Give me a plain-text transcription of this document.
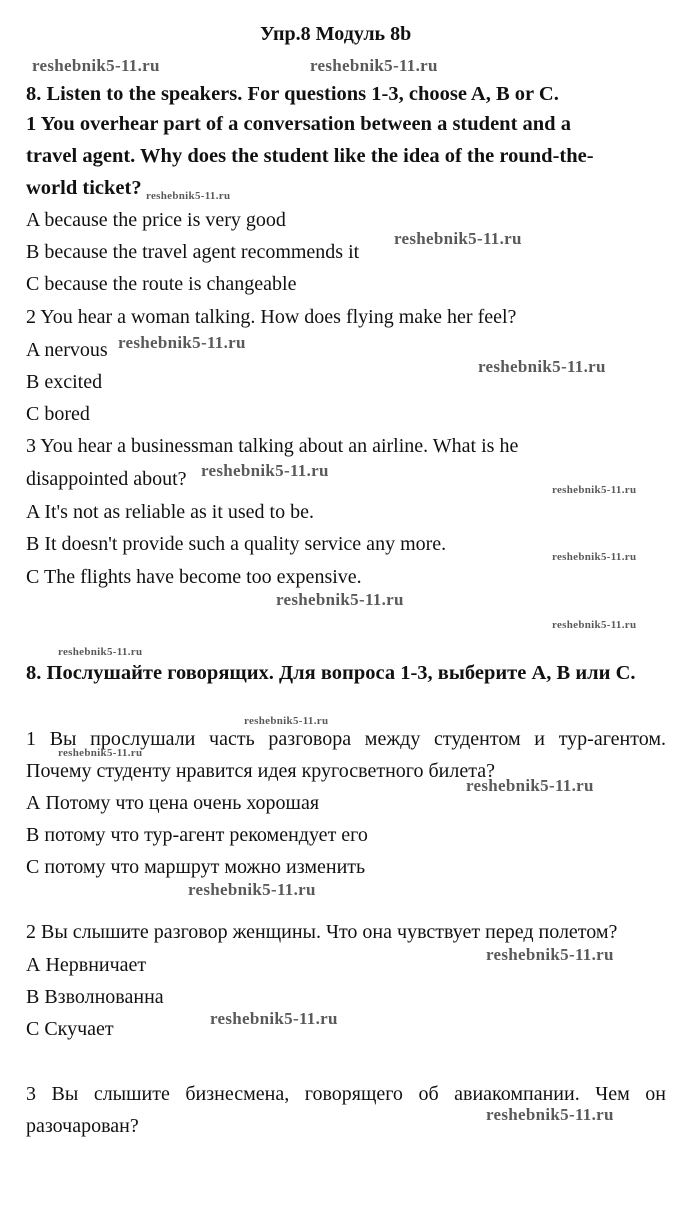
Упр.8 Модуль 8b
8. Listen to the speakers. For questions 1-3, choose A, B or C.
1 You overhear part of a conversation between a student and a
travel agent. Why does the student like the idea of the round-the-
world ticket?
A because the price is very good
B because the travel agent recommends it
C because the route is changeable
2 You hear a woman talking. How does flying make her feel?
A nervous
B excited
C bored
3 You hear a businessman talking about an airline. What is he
disappointed about?
A It's not as reliable as it used to be.
B It doesn't provide such a quality service any more.
C The flights have become too expensive.
8. Послушайте говорящих. Для вопроса 1-3, выберите А, В или С.
1 Вы прослушали часть разговора между студентом и тур-агентом.
Почему студенту нравится идея кругосветного билета?
А Потому что цена очень хорошая
В потому что тур-агент рекомендует его
С потому что маршрут можно изменить
2 Вы слышите разговор женщины. Что она чувствует перед полетом?
А Нервничает
В Взволнованна
С Скучает
3 Вы слышите бизнесмена, говорящего об авиакомпании. Чем он
разочарован?
reshebnik5-11.ru	reshebnik5-11.ru
reshebnik5-11.ru
reshebnik5-11.ru
reshebnik5-11.ru
reshebnik5-11.ru
reshebnik5-11.ru
reshebnik5-11.ru
reshebnik5-11.ru
reshebnik5-11.ru
reshebnik5-11.ru
reshebnik5-11.ru
reshebnik5-11.ru
reshebnik5-11.ru
reshebnik5-11.ru
reshebnik5-11.ru
reshebnik5-11.ru
reshebnik5-11.ru
reshebnik5-11.ru
